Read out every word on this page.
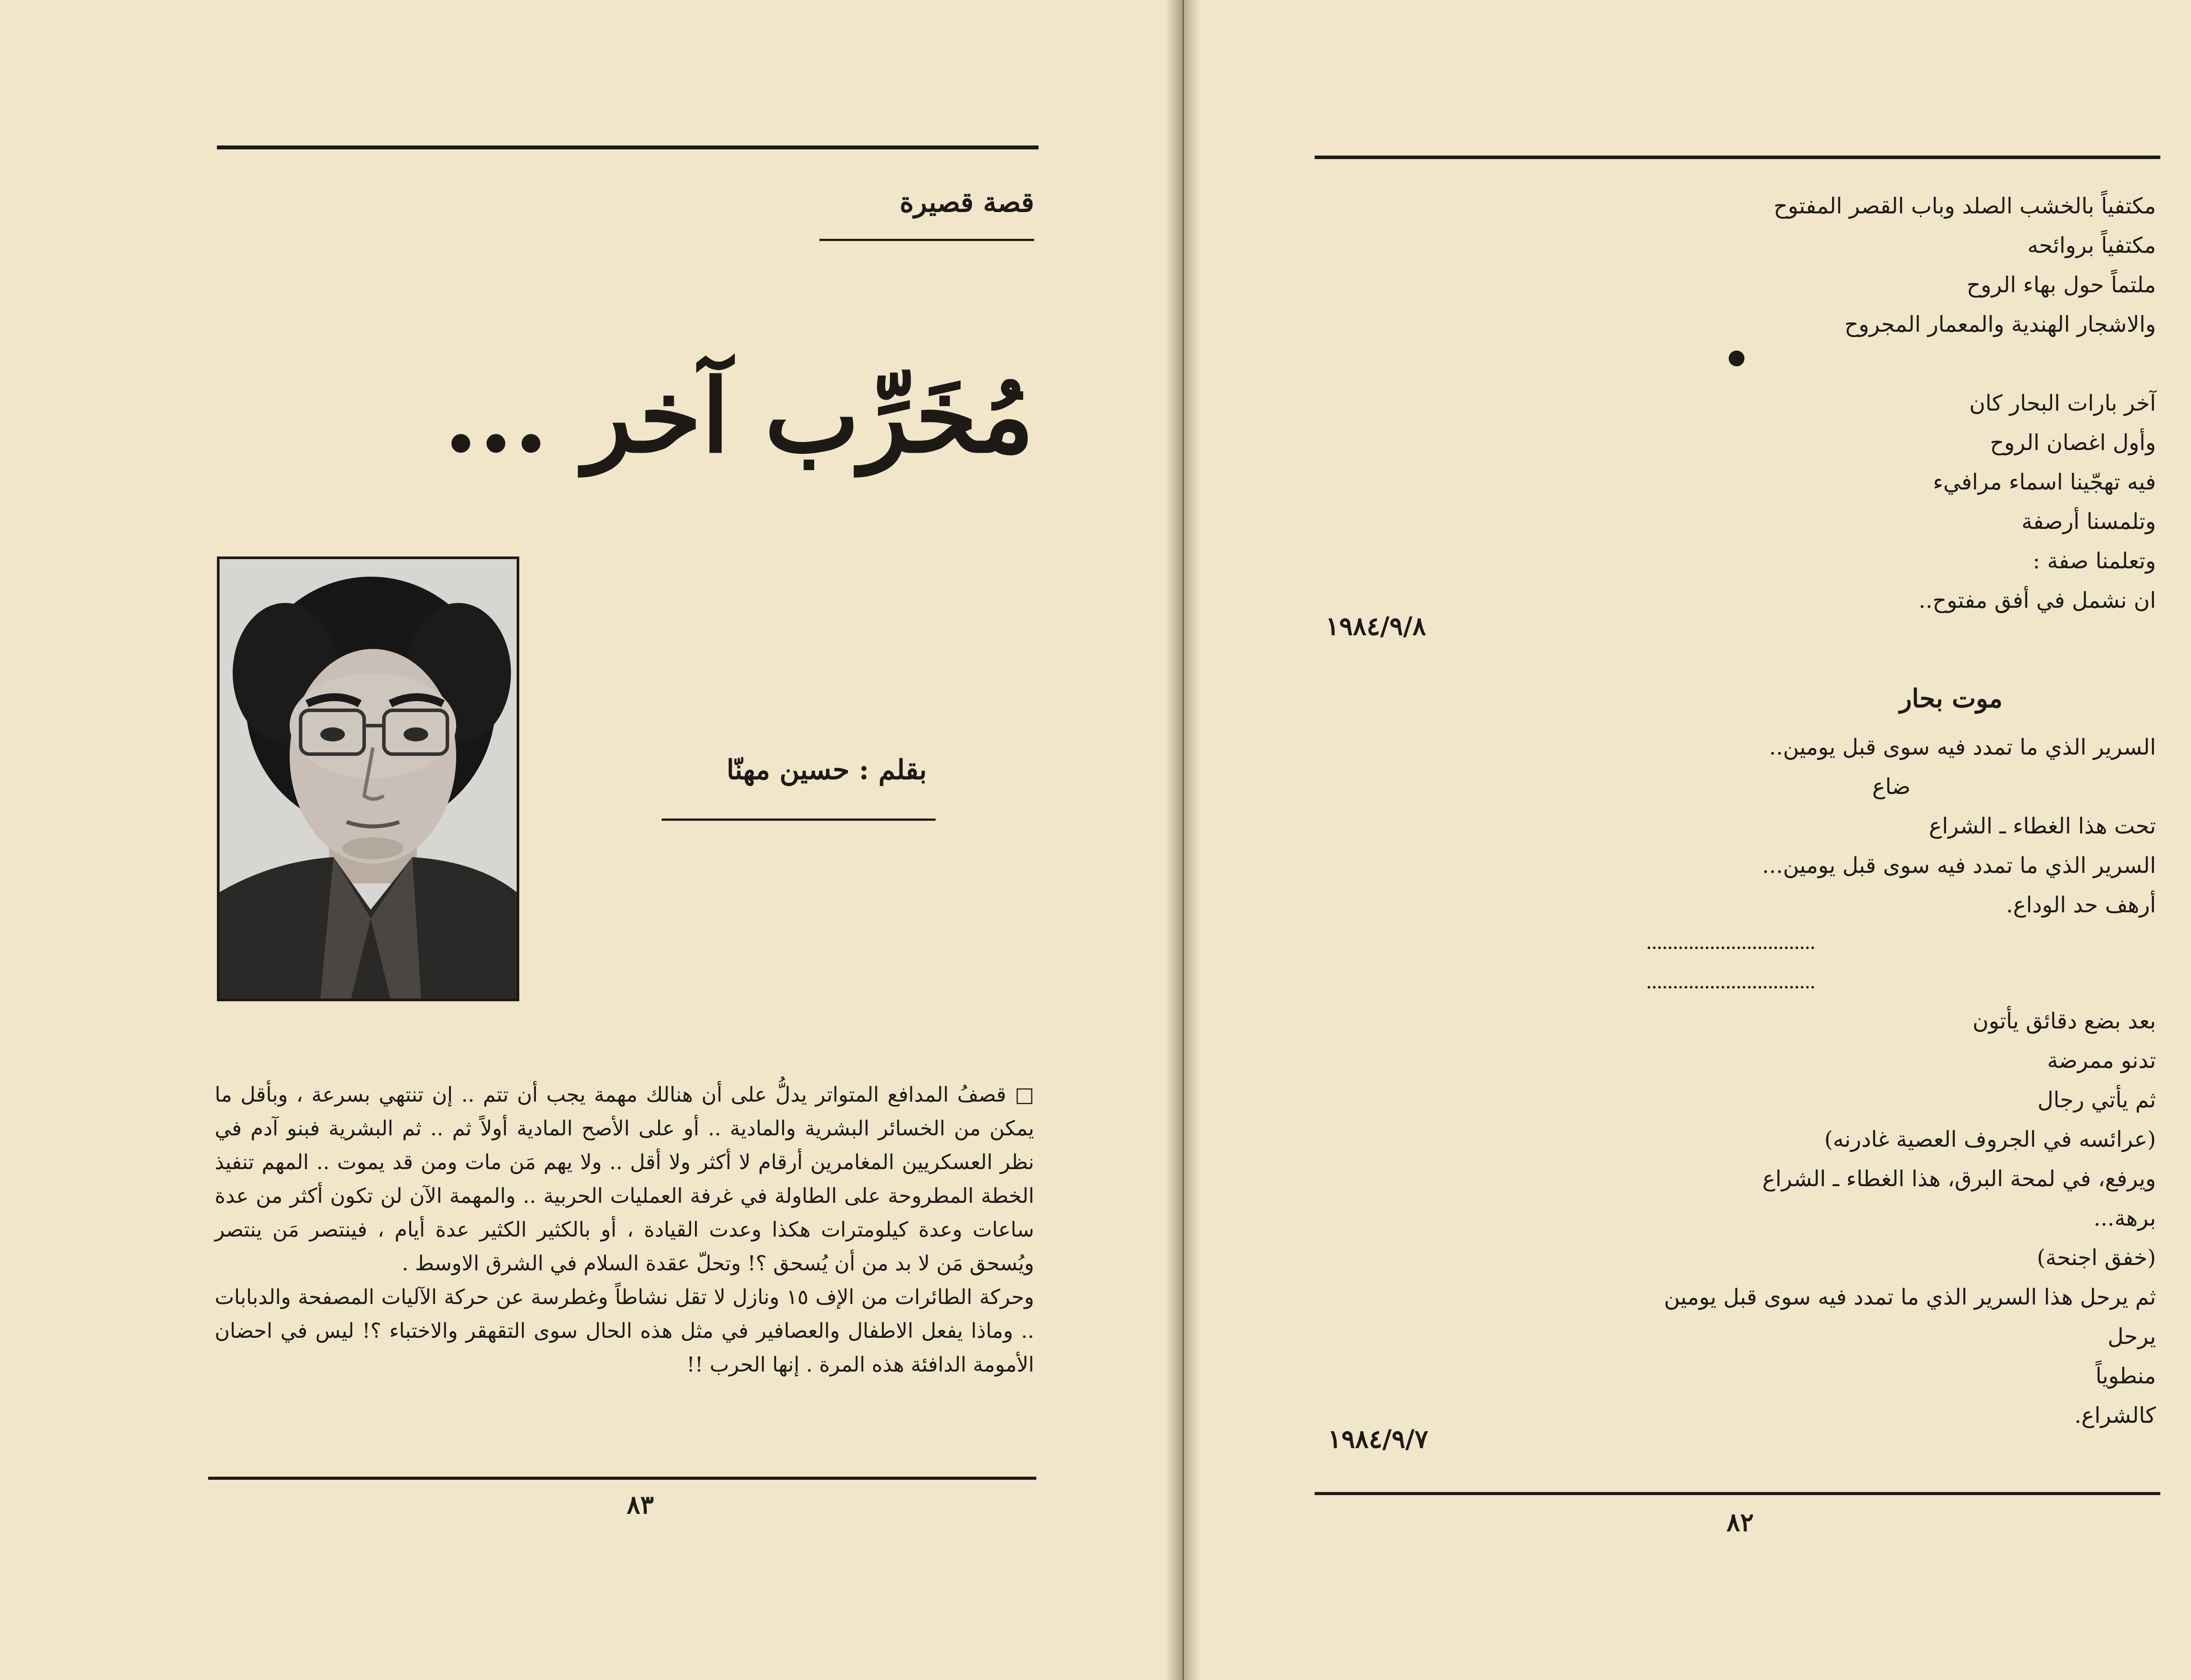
قصة قصيرة
مُخَرِّب آخر ...
بقلم : حسين مهنّا

□ قصفُ المدافع المتواتر يدلُّ على أن هنالك مهمة يجب أن تتم .. إن تنتهي بسرعة ، وبأقل ما يمكن من الخسائر البشرية والمادية .. أو على الأصح المادية أولاً ثم .. ثم البشرية فبنو آدم في نظر العسكريين المغامرين أرقام لا أكثر ولا أقل .. ولا يهم مَن مات ومن قد يموت .. المهم تنفيذ الخطة المطروحة على الطاولة في غرفة العمليات الحربية .. والمهمة الآن لن تكون أكثر من عدة ساعات وعدة كيلومترات هكذا وعدت القيادة ، أو بالكثير الكثير عدة أيام ، فينتصر مَن ينتصر ويُسحق مَن لا بد من أن يُسحق ؟! وتحلّ عقدة السلام في الشرق الاوسط .

وحركة الطائرات من الإف ١٥ ونازل لا تقل نشاطاً وغطرسة عن حركة الآليات المصفحة والدبابات .. وماذا يفعل الاطفال والعصافير في مثل هذه الحال سوى التقهقر والاختباء ؟! ليس في احضان الأمومة الدافئة هذه المرة . إنها الحرب !!

٨٣
مكتفياً بالخشب الصلد وباب القصر المفتوح
مكتفياً بروائحه
ملتماً حول بهاء الروح
والاشجار الهندية والمعمار المجروح
آخر بارات البحار كان
وأول اغصان الروح
فيه تهجّينا اسماء مرافيء
وتلمسنا أرصفة
وتعلمنا صفة :
ان نشمل في أفق مفتوح..
١٩٨٤/٩/٨
موت بحار
السرير الذي ما تمدد فيه سوى قبل يومين..
ضاع
تحت هذا الغطاء ـ الشراع
السرير الذي ما تمدد فيه سوى قبل يومين...
أرهف حد الوداع.
بعد بضع دقائق يأتون
تدنو ممرضة
ثم يأتي رجال
(عرائسه في الجروف العصية غادرنه)
ويرفع، في لمحة البرق، هذا الغطاء ـ الشراع
برهة...
(خفق اجنحة)
ثم يرحل هذا السرير الذي ما تمدد فيه سوى قبل يومين
يرحل
منطوياً
كالشراع.
١٩٨٤/٩/٧
٨٢
